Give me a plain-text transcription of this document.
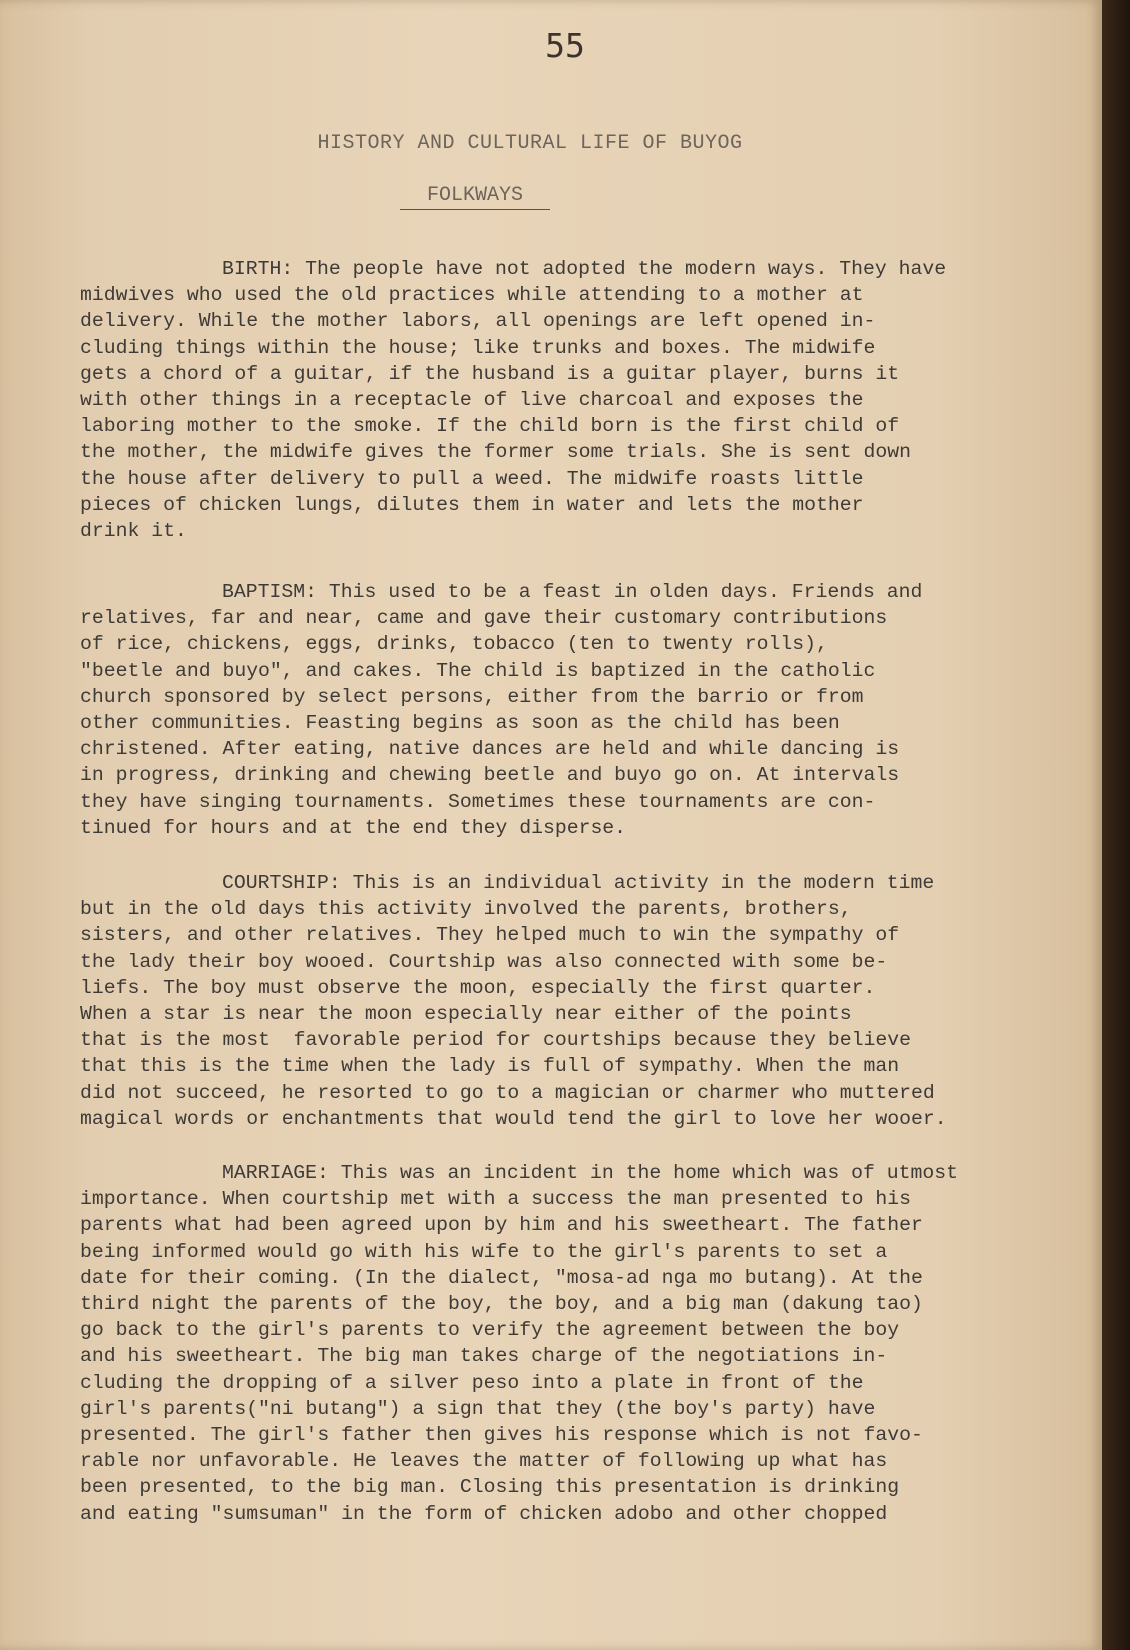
55
HISTORY AND CULTURAL LIFE OF BUYOG
FOLKWAYS
BIRTH: The people have not adopted the modern ways. They have
midwives who used the old practices while attending to a mother at
delivery. While the mother labors, all openings are left opened in-
cluding things within the house; like trunks and boxes. The midwife
gets a chord of a guitar, if the husband is a guitar player, burns it
with other things in a receptacle of live charcoal and exposes the
laboring mother to the smoke. If the child born is the first child of
the mother, the midwife gives the former some trials. She is sent down
the house after delivery to pull a weed. The midwife roasts little
pieces of chicken lungs, dilutes them in water and lets the mother
drink it.
BAPTISM: This used to be a feast in olden days. Friends and
relatives, far and near, came and gave their customary contributions
of rice, chickens, eggs, drinks, tobacco (ten to twenty rolls),
"beetle and buyo", and cakes. The child is baptized in the catholic
church sponsored by select persons, either from the barrio or from
other communities. Feasting begins as soon as the child has been
christened. After eating, native dances are held and while dancing is
in progress, drinking and chewing beetle and buyo go on. At intervals
they have singing tournaments. Sometimes these tournaments are con-
tinued for hours and at the end they disperse.
COURTSHIP: This is an individual activity in the modern time
but in the old days this activity involved the parents, brothers,
sisters, and other relatives. They helped much to win the sympathy of
the lady their boy wooed. Courtship was also connected with some be-
liefs. The boy must observe the moon, especially the first quarter.
When a star is near the moon especially near either of the points
that is the most  favorable period for courtships because they believe
that this is the time when the lady is full of sympathy. When the man
did not succeed, he resorted to go to a magician or charmer who muttered
magical words or enchantments that would tend the girl to love her wooer.
MARRIAGE: This was an incident in the home which was of utmost
importance. When courtship met with a success the man presented to his
parents what had been agreed upon by him and his sweetheart. The father
being informed would go with his wife to the girl's parents to set a
date for their coming. (In the dialect, "mosa-ad nga mo butang). At the
third night the parents of the boy, the boy, and a big man (dakung tao)
go back to the girl's parents to verify the agreement between the boy
and his sweetheart. The big man takes charge of the negotiations in-
cluding the dropping of a silver peso into a plate in front of the
girl's parents("ni butang") a sign that they (the boy's party) have
presented. The girl's father then gives his response which is not favo-
rable nor unfavorable. He leaves the matter of following up what has
been presented, to the big man. Closing this presentation is drinking
and eating "sumsuman" in the form of chicken adobo and other chopped
